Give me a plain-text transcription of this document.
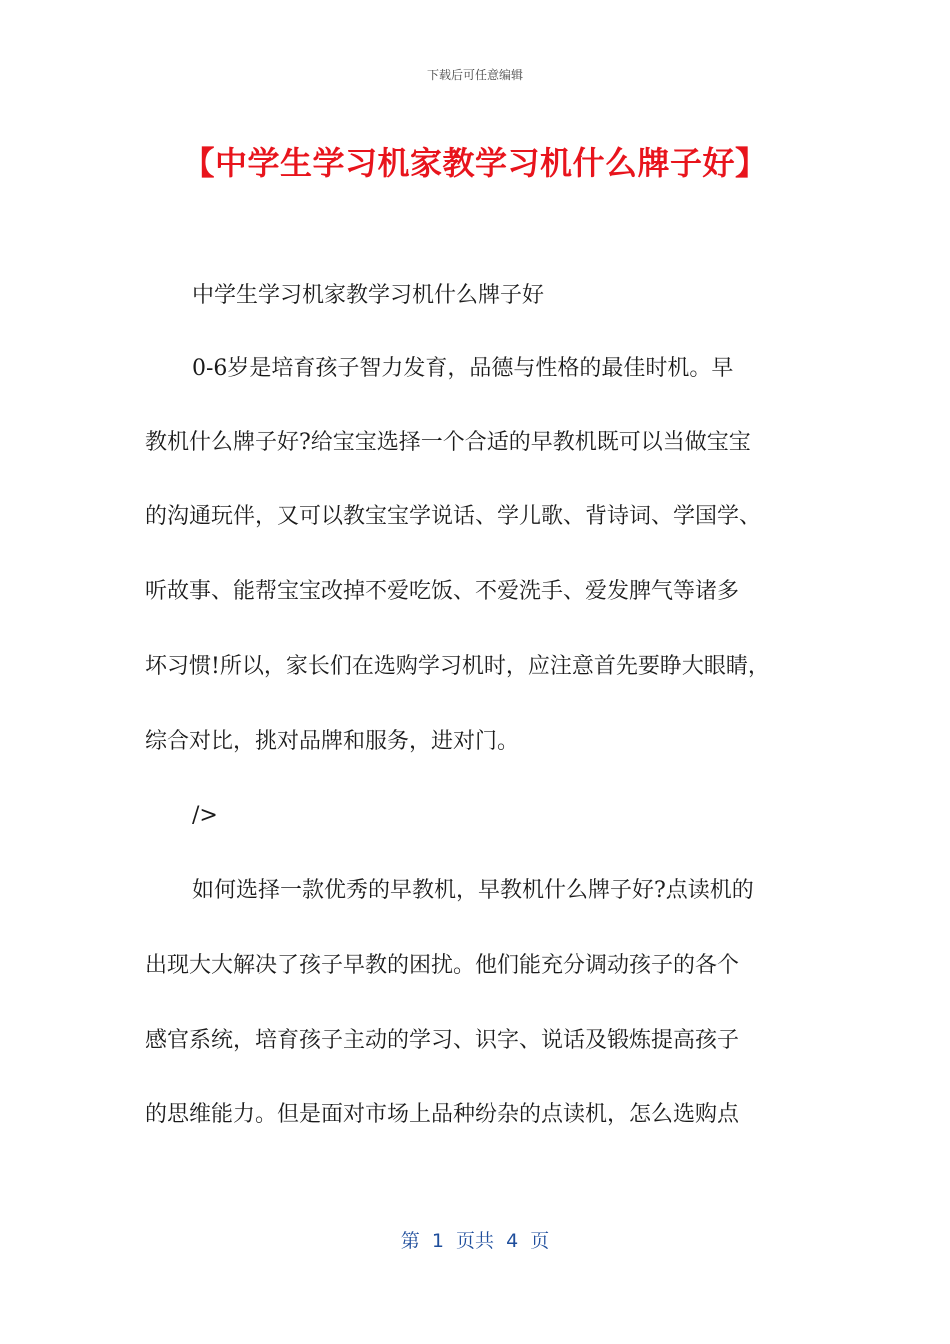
下载后可任意编辑
【中学生学习机家教学习机什么牌子好】
中学生学习机家教学习机什么牌子好
0-6岁是培育孩子智力发育，品德与性格的最佳时机。早
教机什么牌子好?给宝宝选择一个合适的早教机既可以当做宝宝
的沟通玩伴，又可以教宝宝学说话、学儿歌、背诗词、学国学、
听故事、能帮宝宝改掉不爱吃饭、不爱洗手、爱发脾气等诸多
坏习惯!所以，家长们在选购学习机时，应注意首先要睁大眼睛，
综合对比，挑对品牌和服务，进对门。
/>
如何选择一款优秀的早教机，早教机什么牌子好?点读机的
出现大大解决了孩子早教的困扰。他们能充分调动孩子的各个
感官系统，培育孩子主动的学习、识字、说话及锻炼提高孩子
的思维能力。但是面对市场上品种纷杂的点读机，怎么选购点
第  1  页共  4  页
